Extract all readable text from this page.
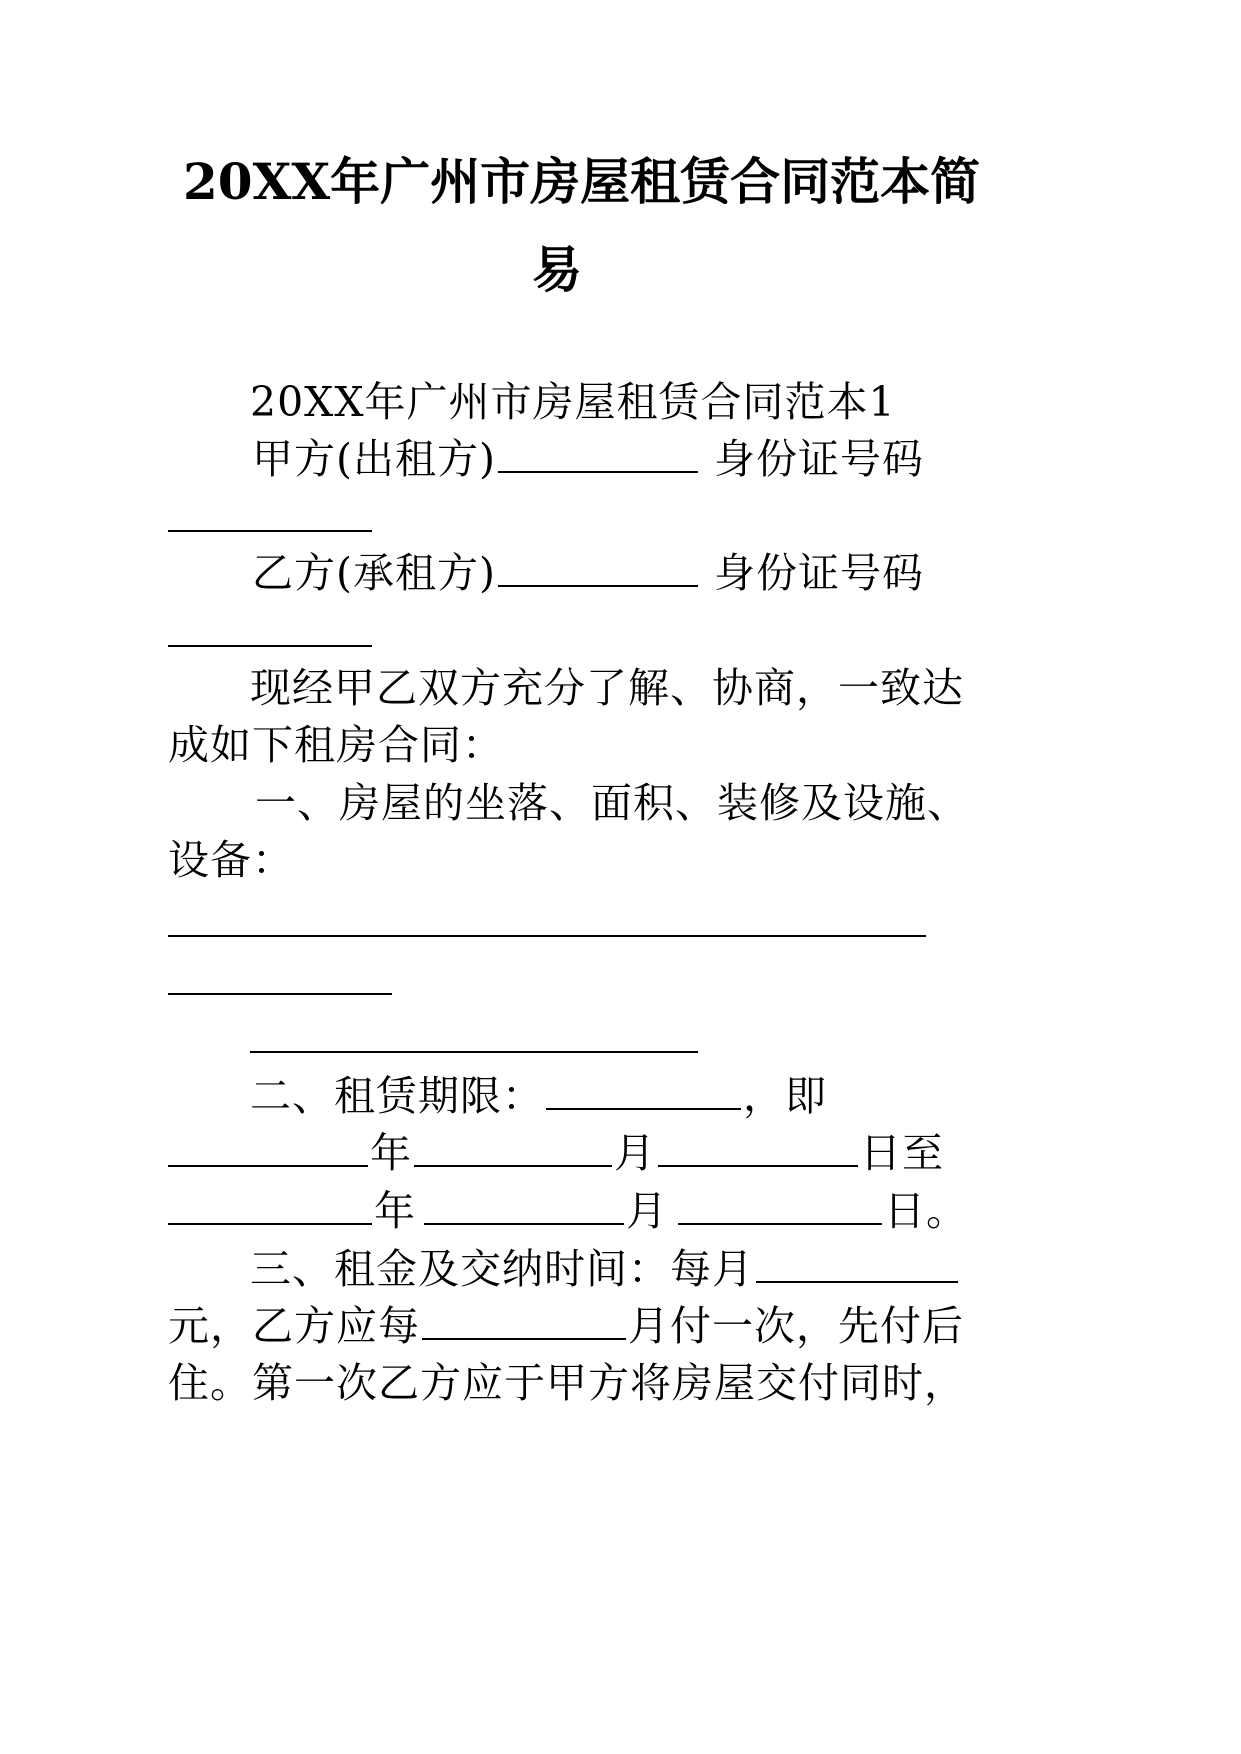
20XX年广州市房屋租赁合同范本简
易
20XX年广州市房屋租赁合同范本1
甲方(出租方)	身份证号码
乙方(承租方)	身份证号码
现经甲乙双方充分了解、协商，一致达
成如下租房合同：
一、房屋的坐落、面积、装修及设施、
设备：
二、租赁期限：	，即
年	月	日至
年	月	日。
三、租金及交纳时间：每月
元，乙方应每	月付一次，先付后
住。第一次乙方应于甲方将房屋交付同时，
